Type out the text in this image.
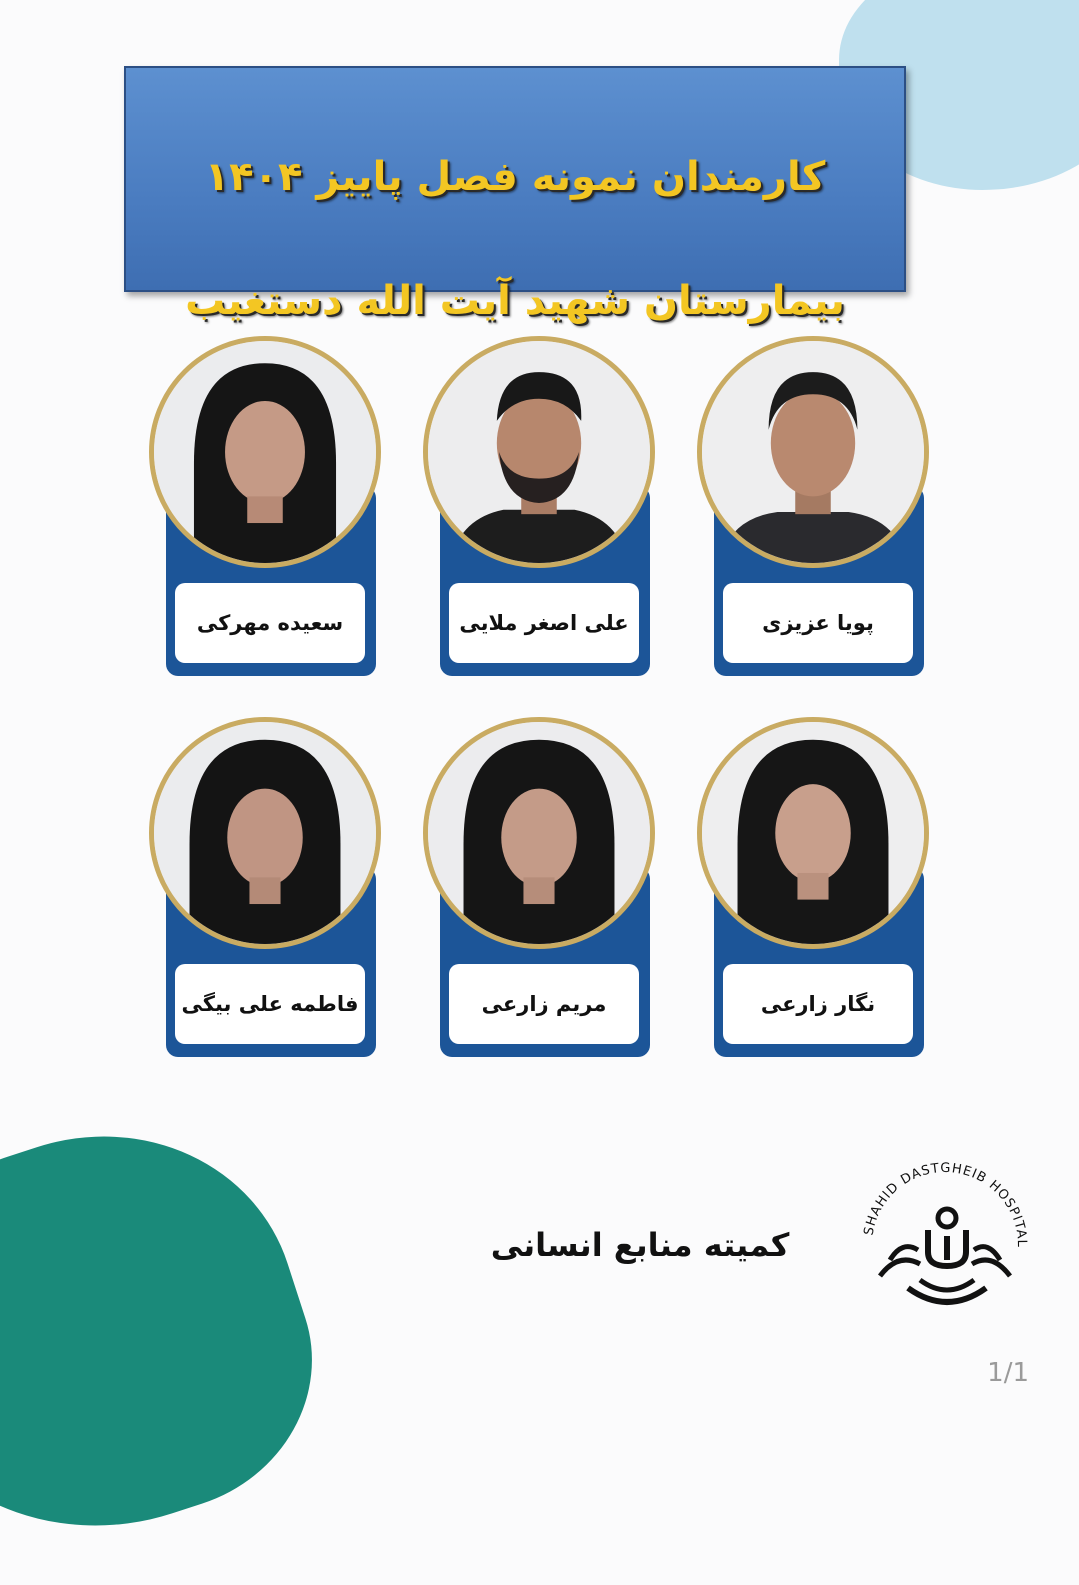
کارمندان نمونه فصل پاییز ۱۴۰۴
بیمارستان شهید آیت الله دستغیب
سعیده مهرکی	علی اصغر ملایی	پویا عزیزی
فاطمه علی بیگی	مریم زارعی	نگار زارعی
کمیته منابع انسانی	SHAHID DASTGHEIB HOSPITAL
1/1
